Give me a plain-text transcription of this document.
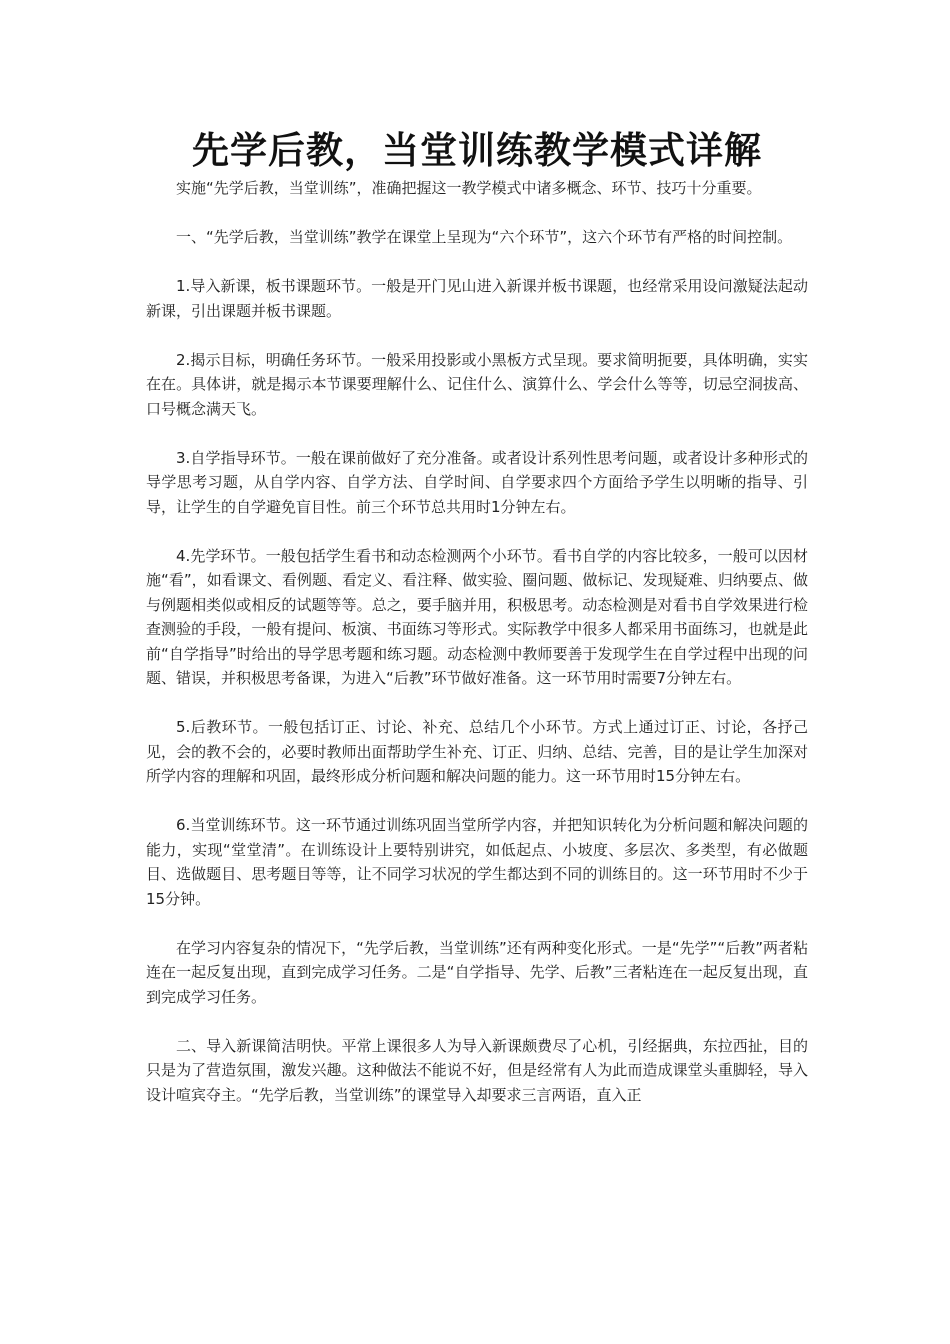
先学后教，当堂训练教学模式详解

实施“先学后教，当堂训练”，准确把握这一教学模式中诸多概念、环节、技巧十分重要。

一、“先学后教，当堂训练”教学在课堂上呈现为“六个环节”，这六个环节有严格的时间控制。

1.导入新课，板书课题环节。一般是开门见山进入新课并板书课题，也经常采用设问激疑法起动新课，引出课题并板书课题。

2.揭示目标，明确任务环节。一般采用投影或小黑板方式呈现。要求简明扼要，具体明确，实实在在。具体讲，就是揭示本节课要理解什么、记住什么、演算什么、学会什么等等，切忌空洞拔高、口号概念满天飞。

3.自学指导环节。一般在课前做好了充分准备。或者设计系列性思考问题，或者设计多种形式的导学思考习题，从自学内容、自学方法、自学时间、自学要求四个方面给予学生以明晰的指导、引导，让学生的自学避免盲目性。前三个环节总共用时1分钟左右。

4.先学环节。一般包括学生看书和动态检测两个小环节。看书自学的内容比较多，一般可以因材施“看”，如看课文、看例题、看定义、看注释、做实验、圈问题、做标记、发现疑难、归纳要点、做与例题相类似或相反的试题等等。总之，要手脑并用，积极思考。动态检测是对看书自学效果进行检查测验的手段，一般有提问、板演、书面练习等形式。实际教学中很多人都采用书面练习，也就是此前“自学指导”时给出的导学思考题和练习题。动态检测中教师要善于发现学生在自学过程中出现的问题、错误，并积极思考备课，为进入“后教”环节做好准备。这一环节用时需要7分钟左右。

5.后教环节。一般包括订正、讨论、补充、总结几个小环节。方式上通过订正、讨论，各抒己见，会的教不会的，必要时教师出面帮助学生补充、订正、归纳、总结、完善，目的是让学生加深对所学内容的理解和巩固，最终形成分析问题和解决问题的能力。这一环节用时15分钟左右。

6.当堂训练环节。这一环节通过训练巩固当堂所学内容，并把知识转化为分析问题和解决问题的能力，实现“堂堂清”。在训练设计上要特别讲究，如低起点、小坡度、多层次、多类型，有必做题目、选做题目、思考题目等等，让不同学习状况的学生都达到不同的训练目的。这一环节用时不少于15分钟。

在学习内容复杂的情况下，“先学后教，当堂训练”还有两种变化形式。一是“先学”“后教”两者粘连在一起反复出现，直到完成学习任务。二是“自学指导、先学、后教”三者粘连在一起反复出现，直到完成学习任务。

二、导入新课简洁明快。平常上课很多人为导入新课颇费尽了心机，引经据典，东拉西扯，目的只是为了营造氛围，激发兴趣。这种做法不能说不好，但是经常有人为此而造成课堂头重脚轻，导入设计喧宾夺主。“先学后教，当堂训练”的课堂导入却要求三言两语，直入正
